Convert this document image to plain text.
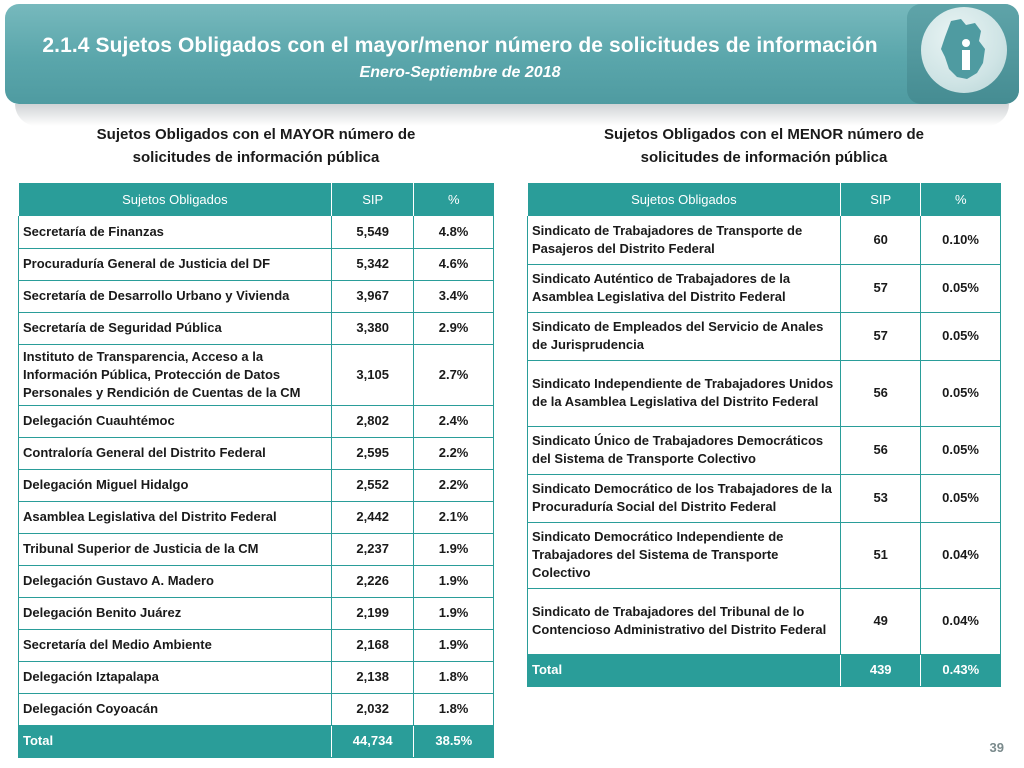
2.1.4 Sujetos Obligados con el mayor/menor número de solicitudes de información
Enero-Septiembre de 2018
Sujetos Obligados con el MAYOR número de
solicitudes de información pública
Sujetos Obligados con el MENOR número de
solicitudes de información pública
Sujetos Obligados	SIP	%
Secretaría de Finanzas	5,549	4.8%
Procuraduría General de Justicia del DF	5,342	4.6%
Secretaría de Desarrollo Urbano y Vivienda	3,967	3.4%
Secretaría de Seguridad Pública	3,380	2.9%
Instituto de Transparencia, Acceso a la Información Pública, Protección de Datos Personales y Rendición de Cuentas de la CM	3,105	2.7%
Delegación Cuauhtémoc	2,802	2.4%
Contraloría General del Distrito Federal	2,595	2.2%
Delegación Miguel Hidalgo	2,552	2.2%
Asamblea Legislativa del Distrito Federal	2,442	2.1%
Tribunal Superior de Justicia de la CM	2,237	1.9%
Delegación Gustavo A. Madero	2,226	1.9%
Delegación Benito Juárez	2,199	1.9%
Secretaría del Medio Ambiente	2,168	1.9%
Delegación Iztapalapa	2,138	1.8%
Delegación Coyoacán	2,032	1.8%
Total	44,734	38.5%
Sujetos Obligados	SIP	%
Sindicato de Trabajadores de Transporte de Pasajeros del Distrito Federal	60	0.10%
Sindicato Auténtico de Trabajadores de la Asamblea Legislativa del Distrito Federal	57	0.05%
Sindicato de Empleados del Servicio de Anales de Jurisprudencia	57	0.05%
Sindicato Independiente de Trabajadores Unidos de la Asamblea Legislativa del Distrito Federal	56	0.05%
Sindicato Único de Trabajadores Democráticos del Sistema de Transporte Colectivo	56	0.05%
Sindicato Democrático de los Trabajadores de la Procuraduría Social del Distrito Federal	53	0.05%
Sindicato Democrático Independiente de Trabajadores del Sistema de Transporte Colectivo	51	0.04%
Sindicato de Trabajadores del Tribunal de lo Contencioso Administrativo del Distrito Federal	49	0.04%
Total	439	0.43%
39
